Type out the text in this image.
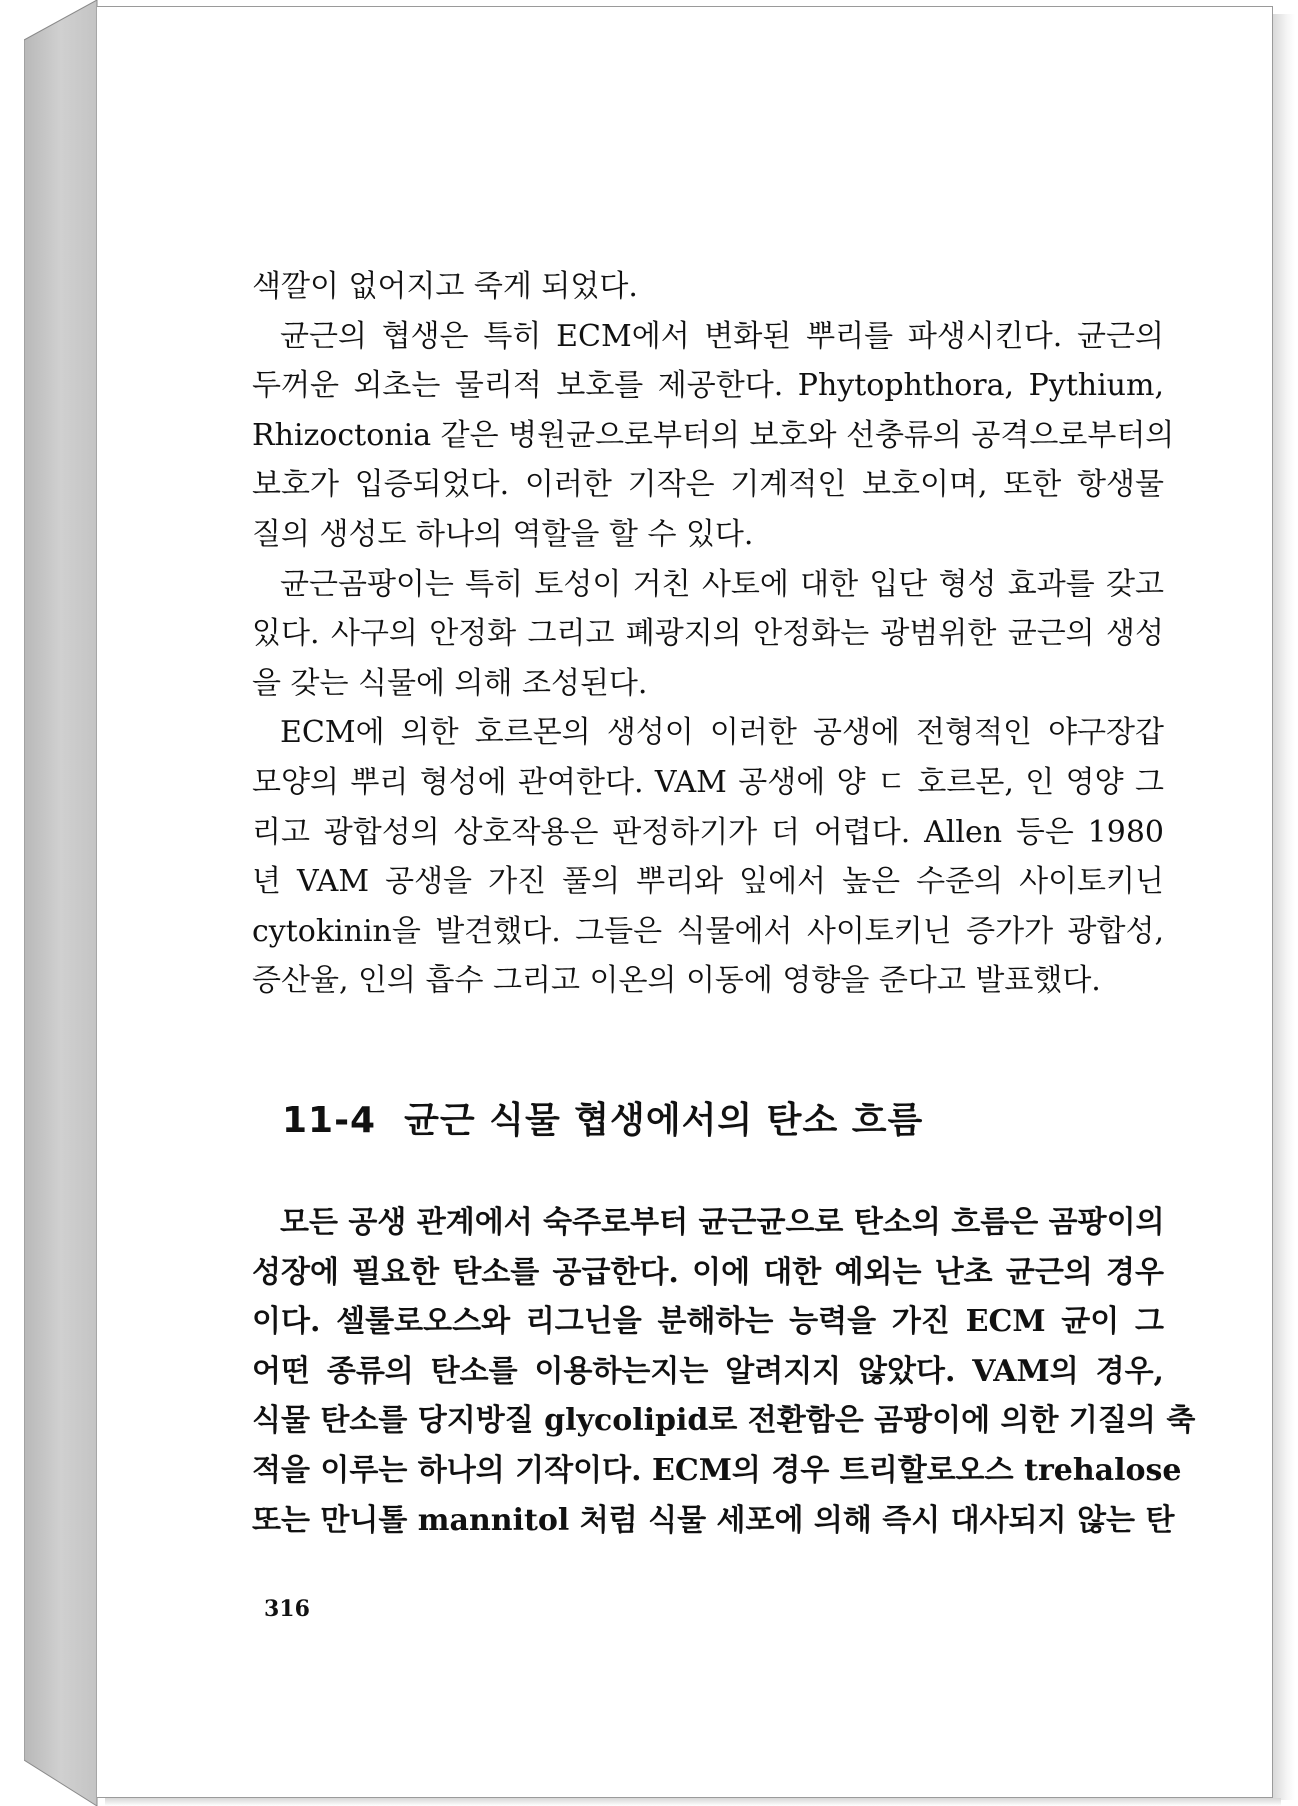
색깔이 없어지고 죽게 되었다.
균근의 협생은 특히 ECM에서 변화된 뿌리를 파생시킨다. 균근의
두꺼운 외초는 물리적 보호를 제공한다. Phytophthora, Pythium,
Rhizoctonia 같은 병원균으로부터의 보호와 선충류의 공격으로부터의
보호가 입증되었다. 이러한 기작은 기계적인 보호이며, 또한 항생물
질의 생성도 하나의 역할을 할 수 있다.
균근곰팡이는 특히 토성이 거친 사토에 대한 입단 형성 효과를 갖고
있다. 사구의 안정화 그리고 폐광지의 안정화는 광범위한 균근의 생성
을 갖는 식물에 의해 조성된다.
ECM에 의한 호르몬의 생성이 이러한 공생에 전형적인 야구장갑
모양의 뿌리 형성에 관여한다. VAM 공생에 양 ㄷ 호르몬, 인 영양 그
리고 광합성의 상호작용은 판정하기가 더 어렵다. Allen 등은 1980
년 VAM 공생을 가진 풀의 뿌리와 잎에서 높은 수준의 사이토키닌
cytokinin을 발견했다. 그들은 식물에서 사이토키닌 증가가 광합성,
증산율, 인의 흡수 그리고 이온의 이동에 영향을 준다고 발표했다.
11-4 균근 식물 협생에서의 탄소 흐름
모든 공생 관계에서 숙주로부터 균근균으로 탄소의 흐름은 곰팡이의
성장에 필요한 탄소를 공급한다. 이에 대한 예외는 난초 균근의 경우
이다. 셀룰로오스와 리그닌을 분해하는 능력을 가진 ECM 균이 그
어떤 종류의 탄소를 이용하는지는 알려지지 않았다. VAM의 경우,
식물 탄소를 당지방질 glycolipid로 전환함은 곰팡이에 의한 기질의 축
적을 이루는 하나의 기작이다. ECM의 경우 트리할로오스 trehalose
또는 만니톨 mannitol 처럼 식물 세포에 의해 즉시 대사되지 않는 탄
316
